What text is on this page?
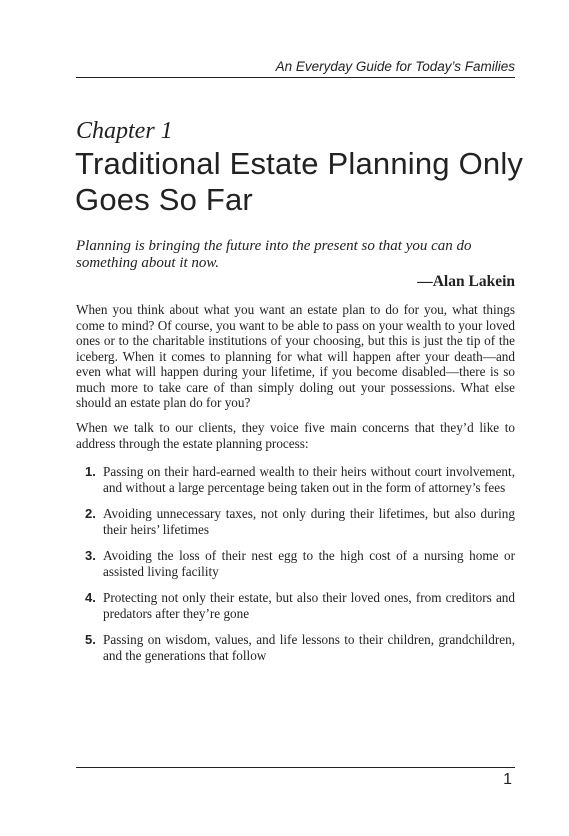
An Everyday Guide for Today’s Families
Chapter 1
Traditional Estate Planning Only Goes So Far
Planning is bringing the future into the present so that you can do something about it now.
—Alan Lakein

When you think about what you want an estate plan to do for you, what things come to mind? Of course, you want to be able to pass on your wealth to your loved ones or to the charitable institutions of your choosing, but this is just the tip of the iceberg. When it comes to planning for what will happen after your death—and even what will happen during your lifetime, if you become disabled—there is so much more to take care of than simply doling out your possessions. What else should an estate plan do for you?

When we talk to our clients, they voice five main concerns that they’d like to address through the estate planning process:

1. Passing on their hard-earned wealth to their heirs without court involvement, and without a large percentage being taken out in the form of attorney’s fees
2. Avoiding unnecessary taxes, not only during their lifetimes, but also during their heirs’ lifetimes
3. Avoiding the loss of their nest egg to the high cost of a nursing home or assisted living facility
4. Protecting not only their estate, but also their loved ones, from creditors and predators after they’re gone
5. Passing on wisdom, values, and life lessons to their children, grandchildren, and the generations that follow
1
